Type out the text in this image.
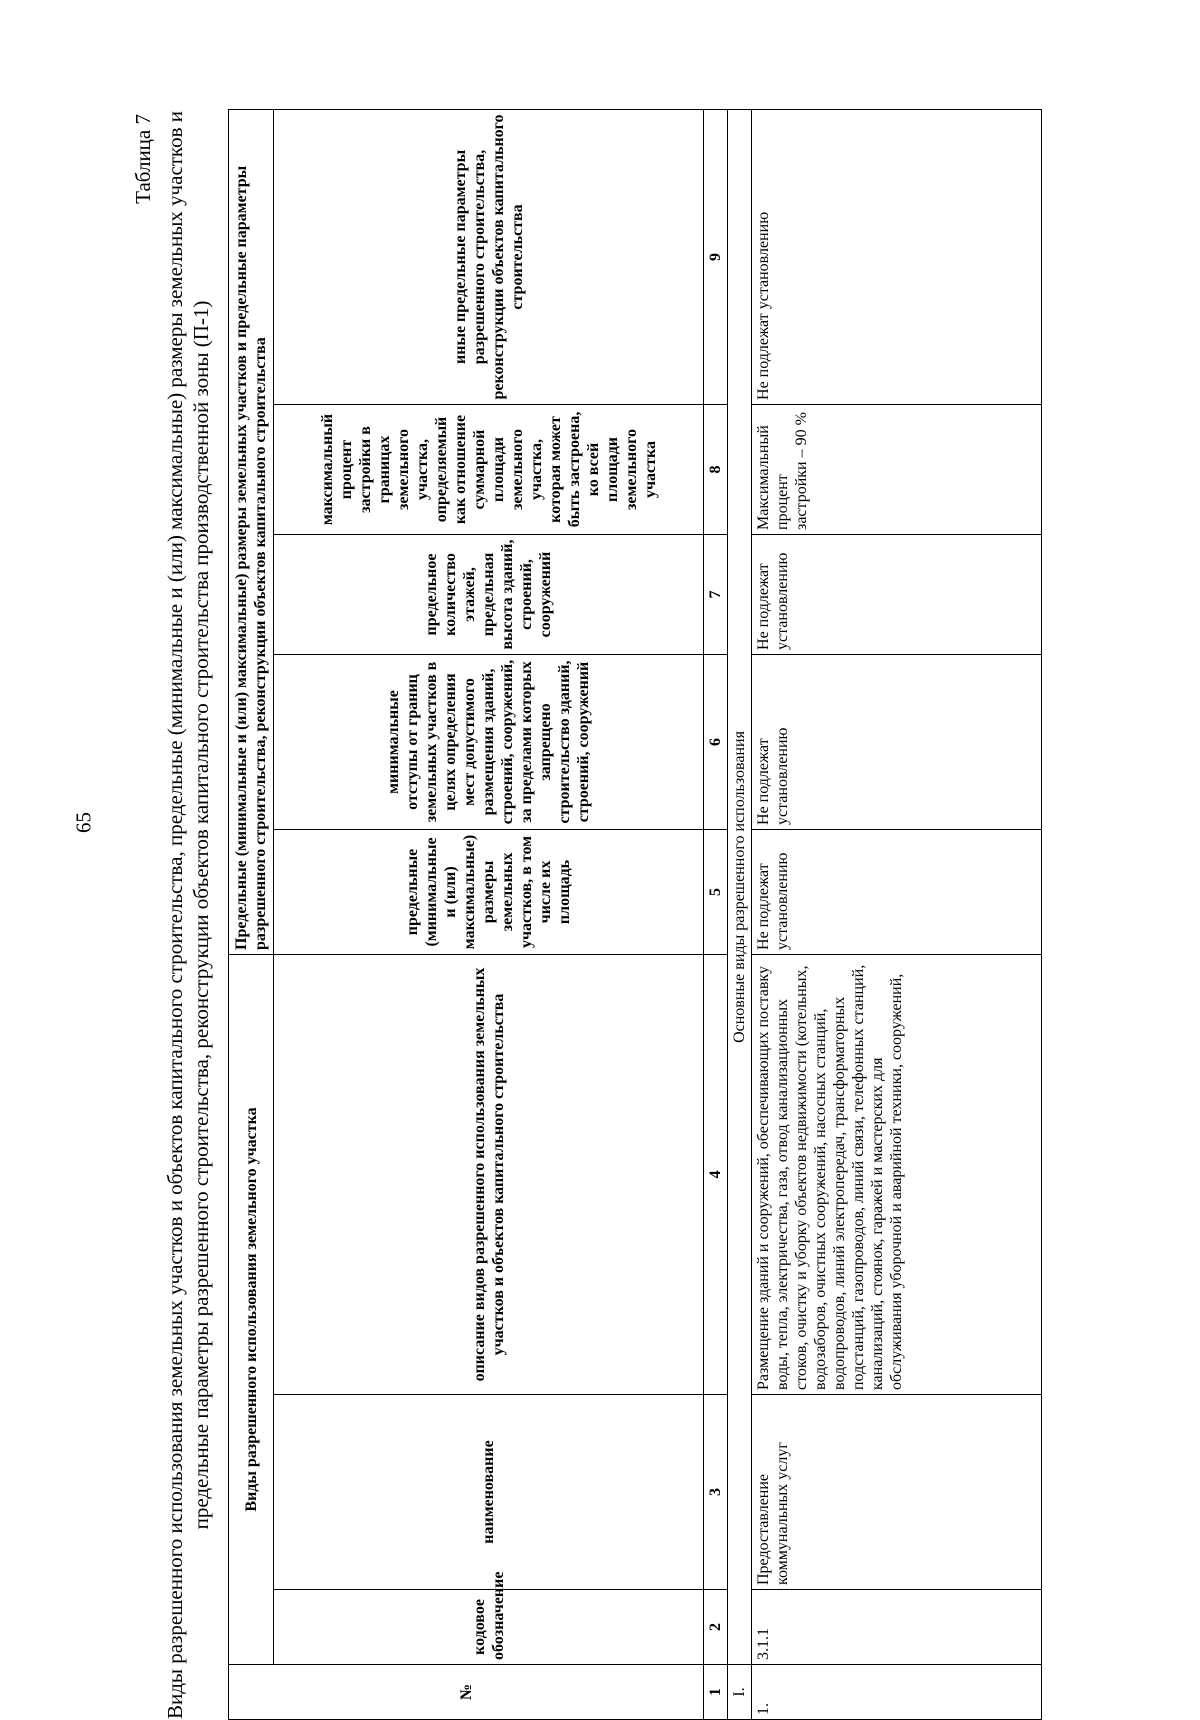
65
Таблица 7 Виды разрешенного использования земельных участков и объектов капитального строительства, предельные (минимальные и (или) максимальные) размеры земельных участков и предельные параметры разрешенного строительства, реконструкции объектов капитального строительства производственной зоны (П-1)
№	Виды разрешенного использования земельного участка			Предельные (минимальные и (или) максимальные) размеры земельных участков и предельные параметры разрешенного строительства, реконструкции объектов капитального строительства				
	кодовое обозначение	наименование	описание видов разрешенного использования земельных участков и объектов капитального строительства	предельные (минимальные и (или) максимальные) размеры земельных участков, в том числе их площадь	минимальные отступы от границ земельных участков в целях определения мест допустимого размещения зданий, строений, сооружений, за пределами которых запрещено строительство зданий, строений, сооружений	предельное количество этажей, предельная высота зданий, строений, сооружений	максимальный процент застройки в границах земельного участка, определяемый как отношение суммарной площади земельного участка, которая может быть застроена, ко всей площади земельного участка	иные предельные параметры разрешенного строительства, реконструкции объектов капитального строительства
1	2	3	4	5	6	7	8	9
I.	Основные виды разрешенного использования							
1.	3.1.1	Предоставление коммунальных услуг	Размещение зданий и сооружений, обеспечивающих поставку воды, тепла, электричества, газа, отвод канализационных стоков, очистку и уборку объектов недвижимости (котельных, водозаборов, очистных сооружений, насосных станций, водопроводов, линий электропередач, трансформаторных подстанций, газопроводов, линий связи, телефонных станций, канализаций, стоянок, гаражей и мастерских для обслуживания уборочной и аварийной техники, сооружений,	Не подлежат установлению	Не подлежат установлению	Не подлежат установлению	Максимальный процент застройки – 90 %	Не подлежат установлению
